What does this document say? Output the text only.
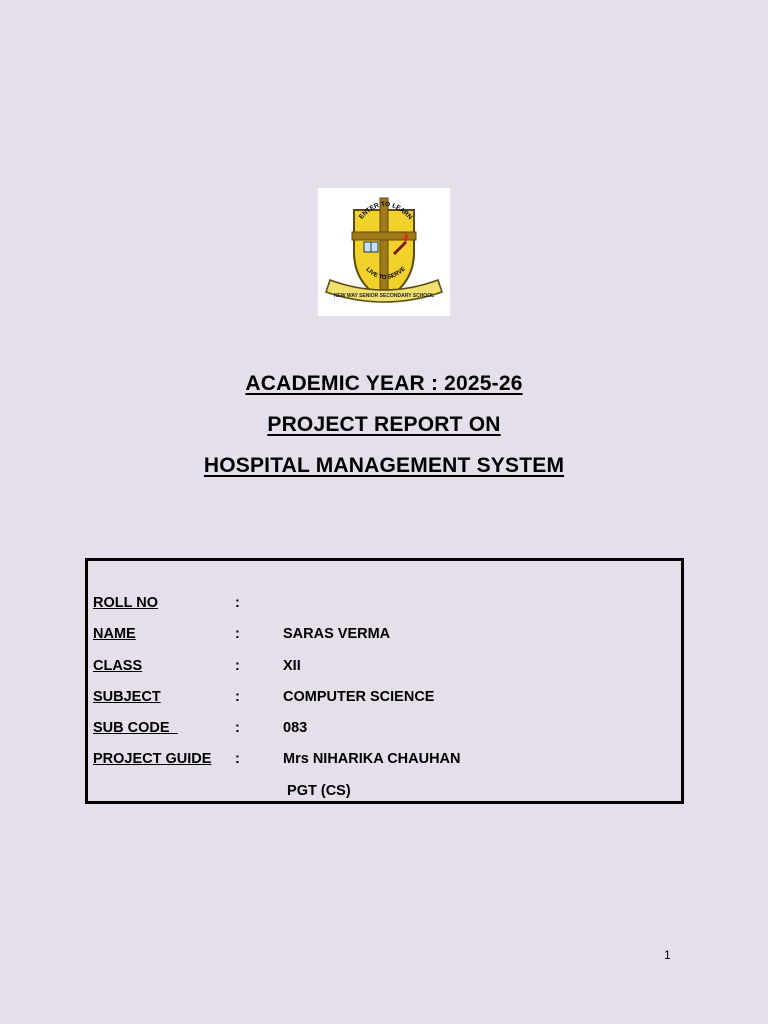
ENTER TO LEARN
LIVE TO SERVE
NEW WAY SENIOR SECONDARY SCHOOL
ACADEMIC YEAR : 2025-26
PROJECT REPORT ON
HOSPITAL MANAGEMENT SYSTEM
ROLL NO	:
NAME	:	SARAS VERMA
CLASS	:	XII
SUBJECT	:	COMPUTER SCIENCE
SUB CODE	:	083
PROJECT GUIDE :	Mrs NIHARIKA CHAUHAN
PGT (CS)
1
